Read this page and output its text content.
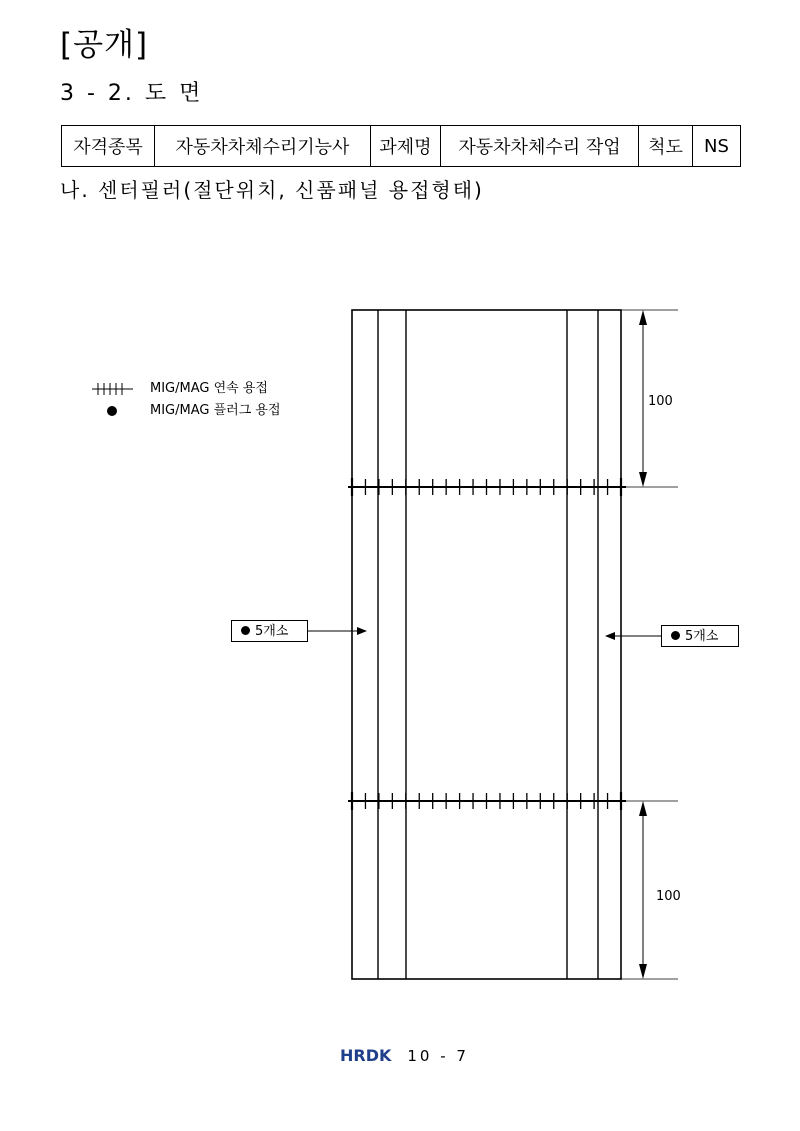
[공개]
3 - 2. 도 면
자격종목	자동차차체수리기능사	과제명	자동차차체수리 작업	척도	NS
나. 센터필러(절단위치, 신품패널 용접형태)
100
100
MIG/MAG 연속 용접
MIG/MAG 플러그 용접
5개소	5개소
HRDK 10 - 7
